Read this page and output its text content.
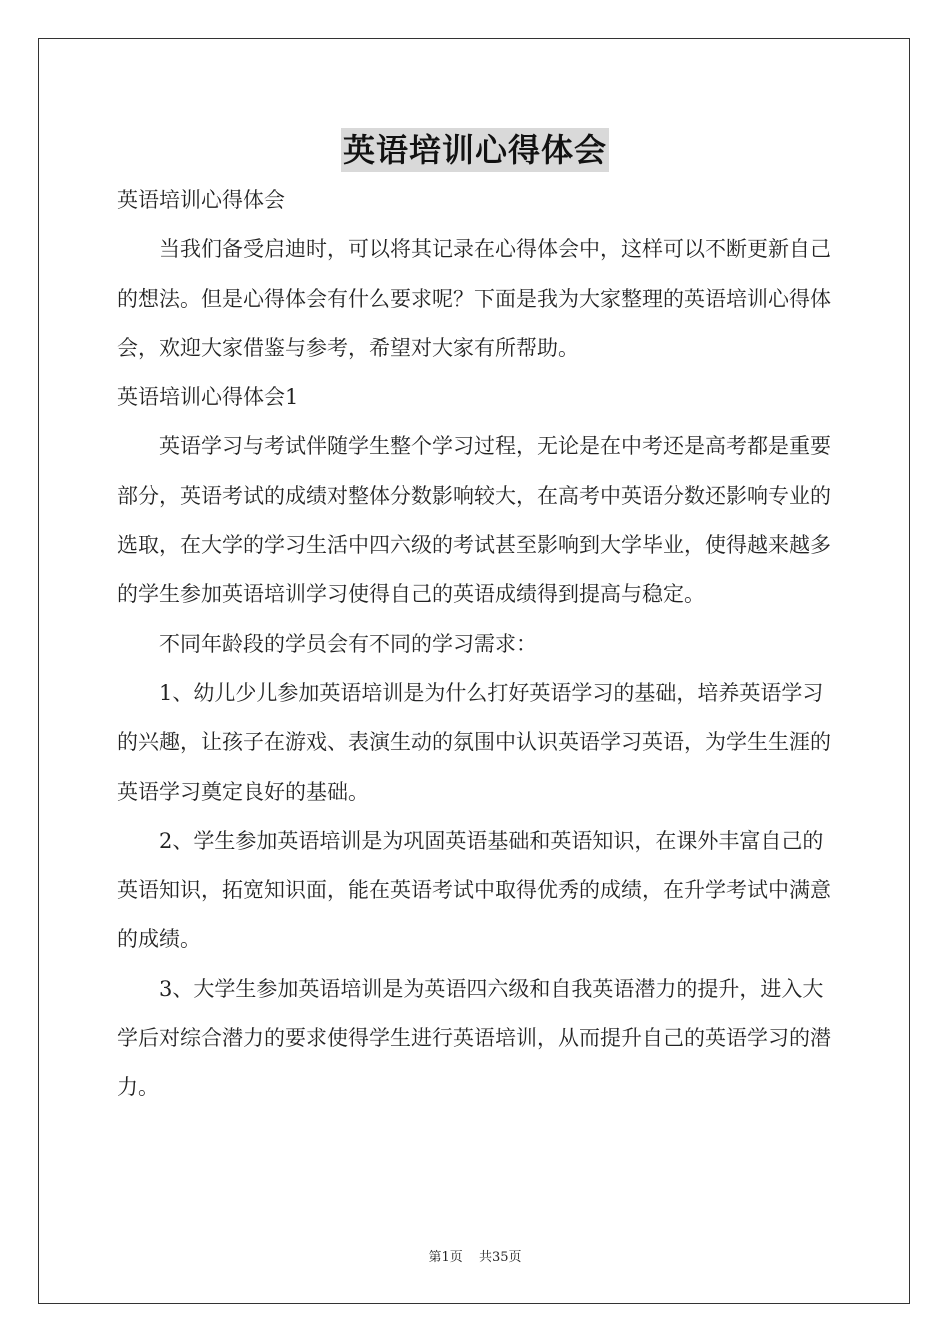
英语培训心得体会

英语培训心得体会

当我们备受启迪时，可以将其记录在心得体会中，这样可以不断更新自己的想法。但是心得体会有什么要求呢？下面是我为大家整理的英语培训心得体会，欢迎大家借鉴与参考，希望对大家有所帮助。

英语培训心得体会1

英语学习与考试伴随学生整个学习过程，无论是在中考还是高考都是重要部分，英语考试的成绩对整体分数影响较大，在高考中英语分数还影响专业的选取，在大学的学习生活中四六级的考试甚至影响到大学毕业，使得越来越多的学生参加英语培训学习使得自己的英语成绩得到提高与稳定。

不同年龄段的学员会有不同的学习需求：

1、幼儿少儿参加英语培训是为什么打好英语学习的基础，培养英语学习的兴趣，让孩子在游戏、表演生动的氛围中认识英语学习英语，为学生生涯的英语学习奠定良好的基础。

2、学生参加英语培训是为巩固英语基础和英语知识，在课外丰富自己的英语知识，拓宽知识面，能在英语考试中取得优秀的成绩，在升学考试中满意的成绩。

3、大学生参加英语培训是为英语四六级和自我英语潜力的提升，进入大学后对综合潜力的要求使得学生进行英语培训，从而提升自己的英语学习的潜力。

第1页 共35页
